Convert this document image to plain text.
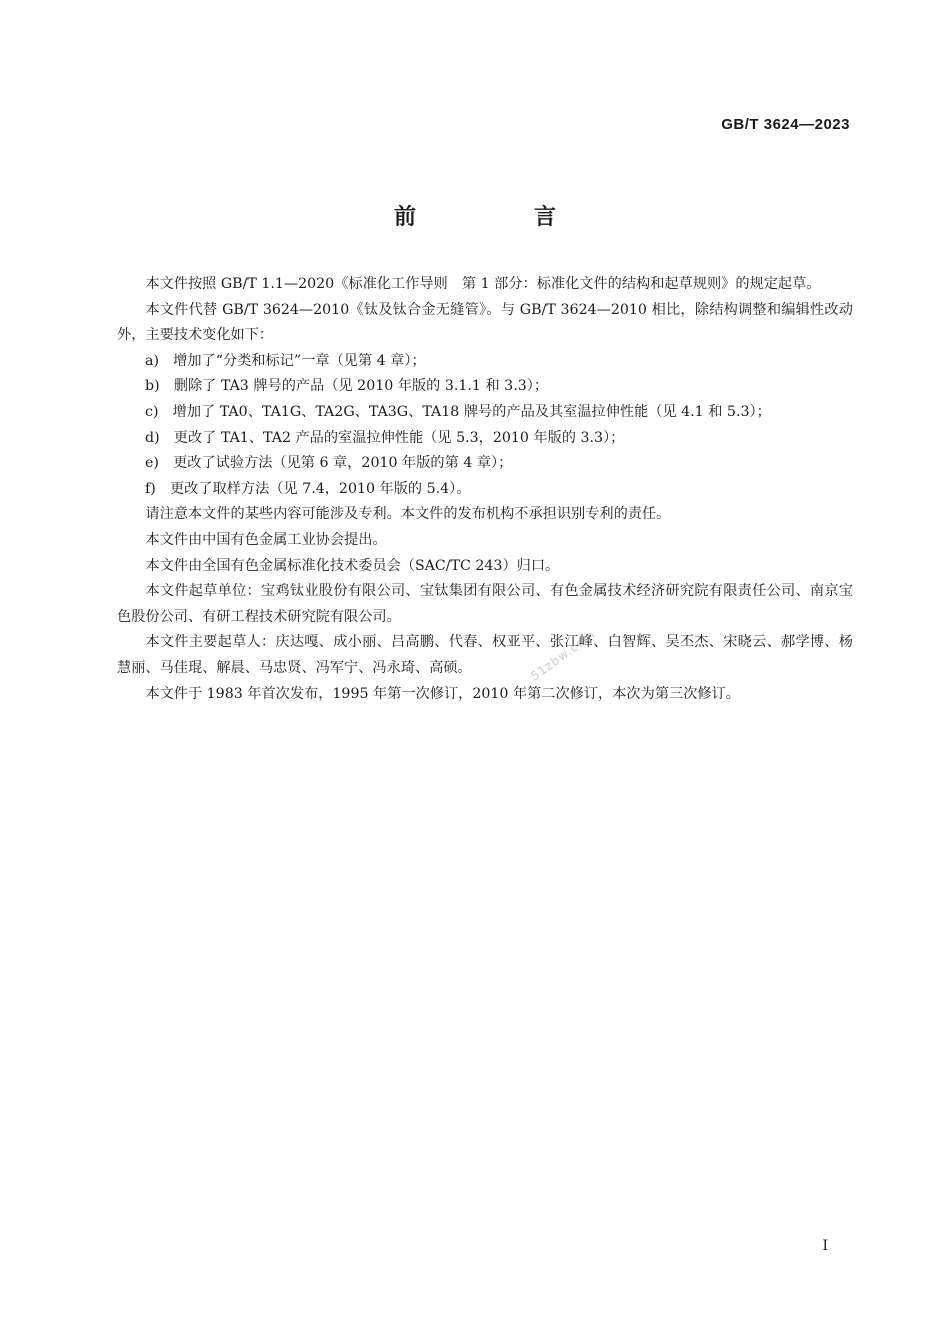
GB/T 3624—2023
前　言

本文件按照 GB/T 1.1—2020《标准化工作导则　第 1 部分：标准化文件的结构和起草规则》的规定起草。

本文件代替 GB/T 3624—2010《钛及钛合金无缝管》。与 GB/T 3624—2010 相比，除结构调整和编辑性改动外，主要技术变化如下：

a)　增加了“分类和标记”一章（见第 4 章）；

b)　删除了 TA3 牌号的产品（见 2010 年版的 3.1.1 和 3.3）；

c)　增加了 TA0、TA1G、TA2G、TA3G、TA18 牌号的产品及其室温拉伸性能（见 4.1 和 5.3）；

d)　更改了 TA1、TA2 产品的室温拉伸性能（见 5.3，2010 年版的 3.3）；

e)　更改了试验方法（见第 6 章，2010 年版的第 4 章）；

f)　更改了取样方法（见 7.4，2010 年版的 5.4）。

请注意本文件的某些内容可能涉及专利。本文件的发布机构不承担识别专利的责任。

本文件由中国有色金属工业协会提出。

本文件由全国有色金属标准化技术委员会（SAC/TC 243）归口。

本文件起草单位：宝鸡钛业股份有限公司、宝钛集团有限公司、有色金属技术经济研究院有限责任公司、南京宝色股份公司、有研工程技术研究院有限公司。

本文件主要起草人：庆达嘎、成小丽、吕高鹏、代春、权亚平、张江峰、白智辉、吴丕杰、宋晓云、郝学博、杨慧丽、马佳琨、解晨、马忠贤、冯军宁、冯永琦、高硕。

本文件于 1983 年首次发布，1995 年第一次修订，2010 年第二次修订，本次为第三次修订。

51zbw.com
I
